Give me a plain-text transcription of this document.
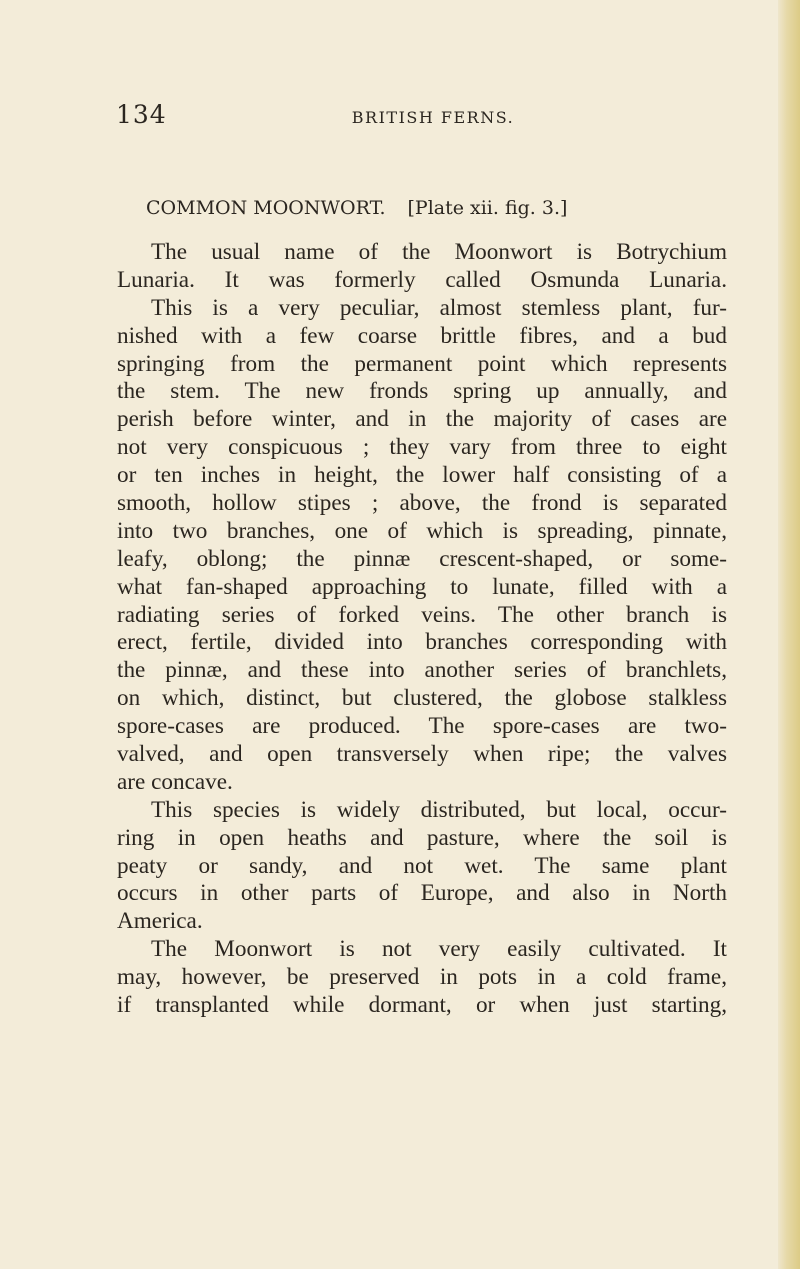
134	BRITISH FERNS.
COMMON MOONWORT. [Plate xii. fig. 3.]
The usual name of the Moonwort is Botrychium
Lunaria. It was formerly called Osmunda Lunaria.
This is a very peculiar, almost stemless plant, fur-
nished with a few coarse brittle fibres, and a bud
springing from the permanent point which represents
the stem. The new fronds spring up annually, and
perish before winter, and in the majority of cases are
not very conspicuous ; they vary from three to eight
or ten inches in height, the lower half consisting of a
smooth, hollow stipes ; above, the frond is separated
into two branches, one of which is spreading, pinnate,
leafy, oblong; the pinnæ crescent-shaped, or some-
what fan-shaped approaching to lunate, filled with a
radiating series of forked veins. The other branch is
erect, fertile, divided into branches corresponding with
the pinnæ, and these into another series of branchlets,
on which, distinct, but clustered, the globose stalkless
spore-cases are produced. The spore-cases are two-
valved, and open transversely when ripe; the valves
are concave.
This species is widely distributed, but local, occur-
ring in open heaths and pasture, where the soil is
peaty or sandy, and not wet. The same plant
occurs in other parts of Europe, and also in North
America.
The Moonwort is not very easily cultivated. It
may, however, be preserved in pots in a cold frame,
if transplanted while dormant, or when just starting,
